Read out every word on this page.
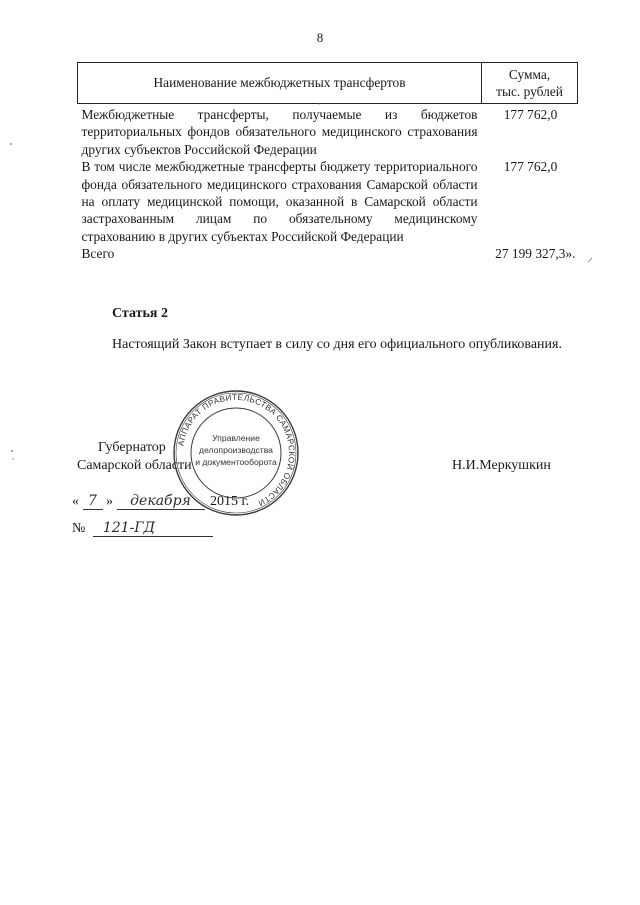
8
Наименование межбюджетных трансфертов	Сумма,
тыс. рублей

Межбюджетные трансферты, получаемые из бюджетов территориальных фондов обязательного медицинского страхования других субъектов Российской Федерации	177 762,0
В том числе межбюджетные трансферты бюджету территориального фонда обязательного медицинского страхования Самарской области на оплату медицинской помощи, оказанной в Самарской области застрахованным лицам по обязательному медицинскому страхованию в других субъектах Российской Федерации	177 762,0
Всего	27 199 327,3».
Статья 2
Настоящий Закон вступает в силу со дня его официального опубликования.
АППАРАТ ПРАВИТЕЛЬСТВА САМАРСКОЙ ОБЛАСТИ
Управление
делопроизводства
и документооборота
Губернатор
Самарской области	Н.И.Меркушкин
« 7 » декабря 2015 г.
№ 121-ГД
